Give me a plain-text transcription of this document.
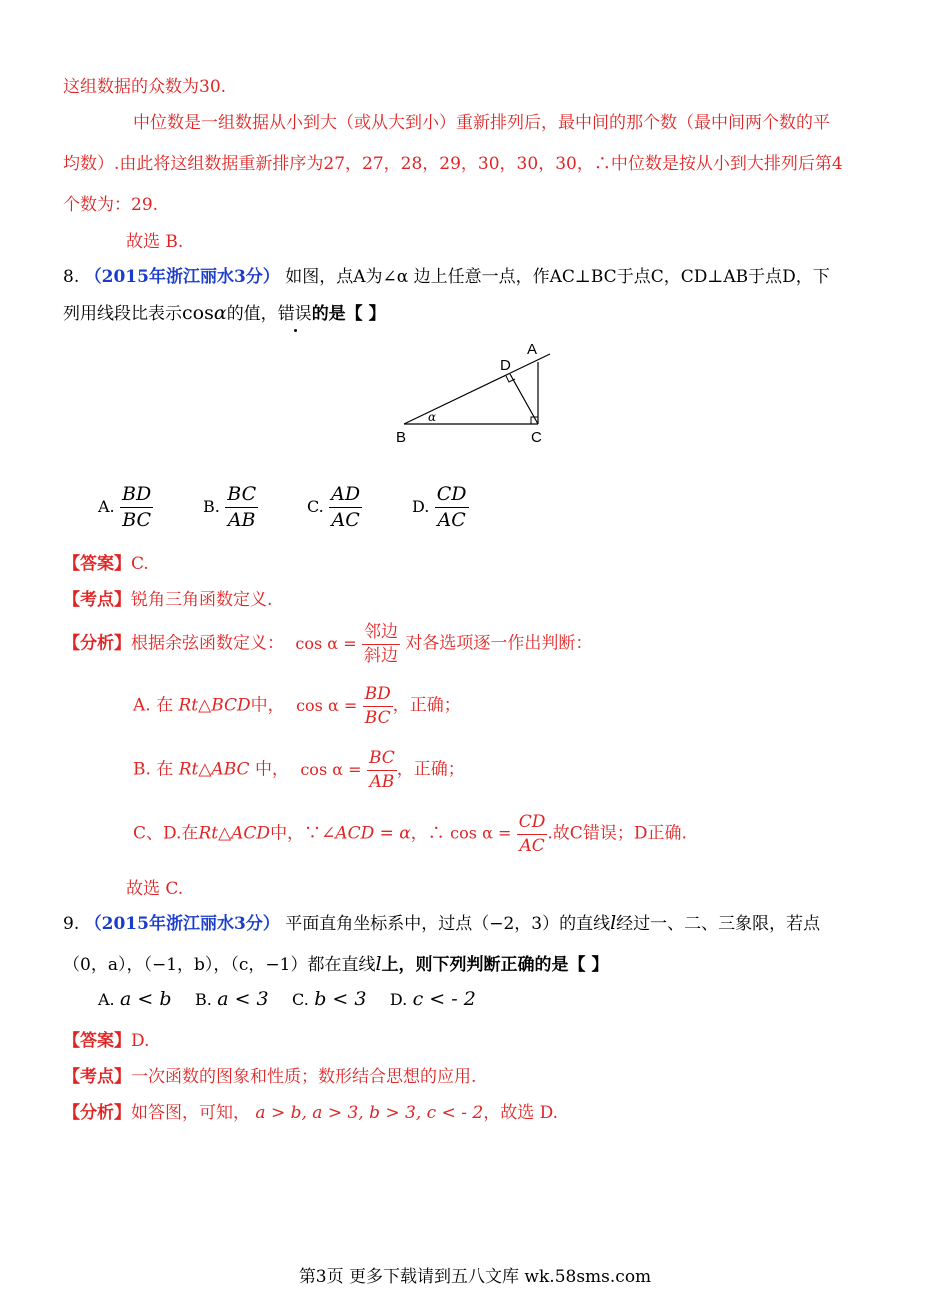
这组数据的众数为30.
中位数是一组数据从小到大（或从大到小）重新排列后，最中间的那个数（最中间两个数的平
均数）.由此将这组数据重新排序为27，27，28，29，30，30，30，∴中位数是按从小到大排列后第4
个数为：29.
故选 B.
8. （2015年浙江丽水3分） 如图，点A为∠α 边上任意一点，作AC⊥BC于点C，CD⊥AB于点D，下
列用线段比表示cosα的值，错误的是【 】
D
A
B	C
α
A. $\frac{BD}{BC}$	B. $\frac{BC}{AB}$	C. $\frac{AD}{AC}$	D. $\frac{CD}{AC}$
【答案】C.
【考点】锐角三角函数定义.
【分析】根据余弦函数定义： $\cos \alpha = \frac{\text{邻边}}{\text{斜边}}$ 对各选项逐一作出判断：
A. 在 Rt△BCD中， $\cos \alpha = \frac{BD}{BC}$ ，正确；
B. 在 Rt△ABC 中， $\cos \alpha = \frac{BC}{AB}$ ，正确；
C、D.在Rt△ACD中，∵∠ACD = α，∴ $\cos \alpha = \frac{CD}{AC}$ .故C错误；D正确.
故选 C.
9. （2015年浙江丽水3分） 平面直角坐标系中，过点（−2，3）的直线l经过一、二、三象限，若点
（0，a），（−1，b），（c，−1）都在直线l上，则下列判断正确的是【 】
A. a < b B. a < 3 C. b < 3 D. c < - 2
【答案】D.
【考点】一次函数的图象和性质；数形结合思想的应用.
【分析】如答图，可知， a > b, a > 3, b > 3, c < - 2，故选 D.
第3页 更多下载请到五八文库 wk.58sms.com
